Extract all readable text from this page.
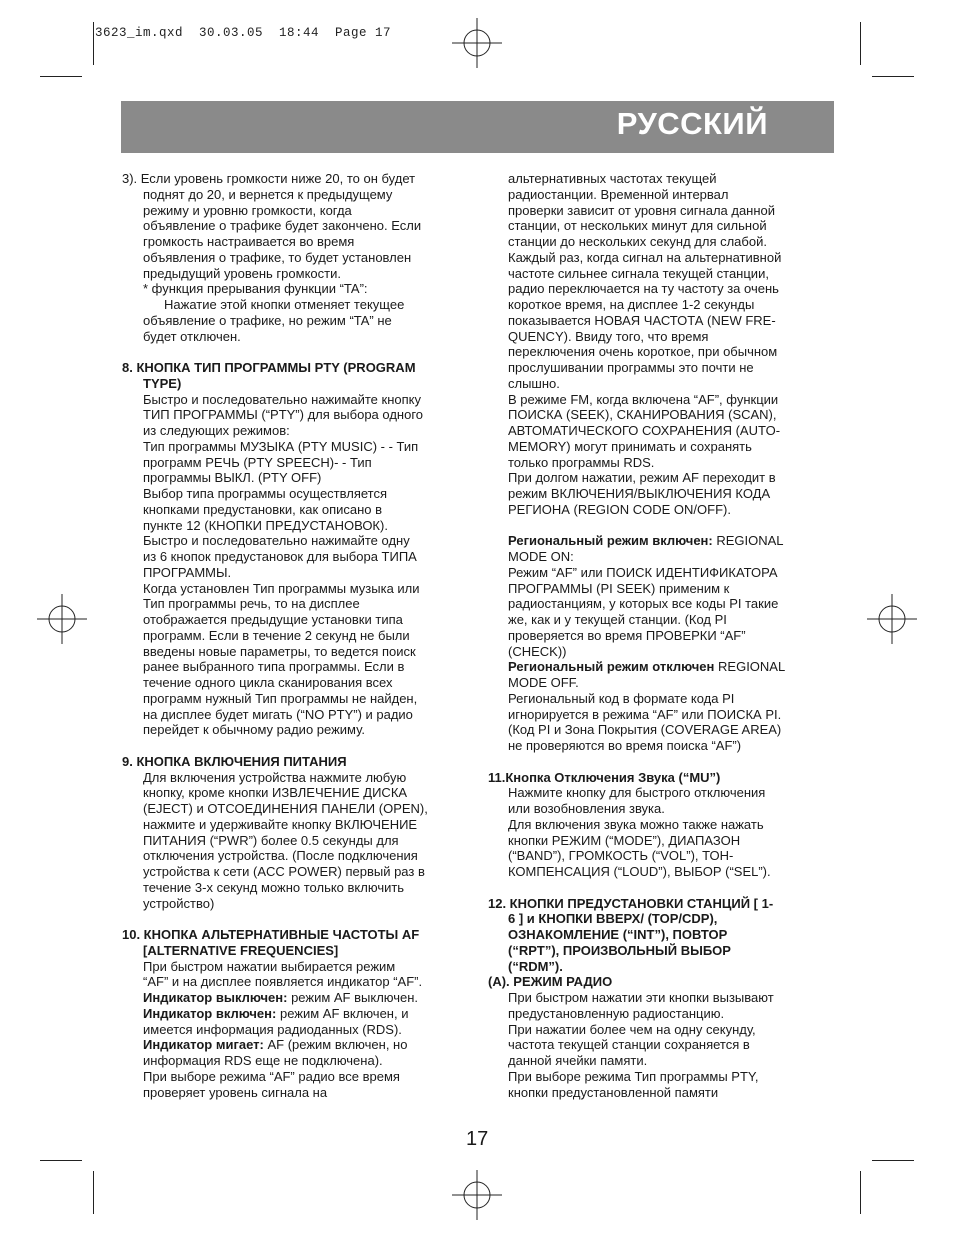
3623_im.qxd  30.03.05  18:44  Page 17
РУССКИЙ
3). Если уровень громкости ниже 20, то он будет
поднят до 20, и вернется к предыдущему
режиму и уровню громкости, когда
объявление о трафике будет закончено. Если
громкость настраивается во время
объявления о трафике, то будет установлен
предыдущий уровень громкости.
* функция прерывания функции “TA”:
Нажатие этой кнопки отменяет текущее
объявление о трафике, но режим “TA” не
будет отключен.
8. КНОПКА ТИП ПРОГРАММЫ PTY (PROGRAM
TYPE)
Быстро и последовательно нажимайте кнопку
ТИП ПРОГРАММЫ (“PTY”) для выбора одного
из следующих режимов:
Тип программы МУЗЫКА (PTY MUSIC) - - Тип
программ РЕЧЬ (PTY SPEECH)- - Тип
программы ВЫКЛ. (PTY OFF)
Выбор типа программы осуществляется
кнопками предустановки, как описано в
пункте 12 (КНОПКИ ПРЕДУСТАНОВОК).
Быстро и последовательно нажимайте одну
из 6 кнопок предустановок для выбора ТИПА
ПРОГРАММЫ.
Когда установлен Тип программы музыка или
Тип программы речь, то на дисплее
отображается предыдущие установки типа
программ. Если в течение 2 секунд не были
введены новые параметры, то ведется поиск
ранее выбранного типа программы. Если в
течение одного цикла сканирования всех
программ нужный Тип программы не найден,
на дисплее будет мигать (“NO PTY”) и радио
перейдет к обычному радио режиму.
9. КНОПКА ВКЛЮЧЕНИЯ ПИТАНИЯ
Для включения устройства нажмите любую
кнопку, кроме кнопки ИЗВЛЕЧЕНИЕ ДИСКА
(EJECT) и ОТСОЕДИНЕНИЯ ПАНЕЛИ (OPEN),
нажмите и удерживайте кнопку ВКЛЮЧЕНИЕ
ПИТАНИЯ (“PWR”) более 0.5 секунды для
отключения устройства. (После подключения
устройства к сети (ACC POWER) первый раз в
течение 3-х секунд можно только включить
устройство)
10. КНОПКА АЛЬТЕРНАТИВНЫЕ ЧАСТОТЫ AF
[ALTERNATIVE FREQUENCIES]
При быстром нажатии выбирается режим
“AF” и на дисплее появляется индикатор “AF”.
Индикатор выключен: режим AF выключен.
Индикатор включен: режим AF включен, и
имеется информация радиоданных (RDS).
Индикатор мигает: AF (режим включен, но
информация RDS еще не подключена).
При выборе режима “AF” радио все время
проверяет уровень сигнала на
альтернативных частотах текущей
радиостанции. Временной интервал
проверки зависит от уровня сигнала данной
станции, от нескольких минут для сильной
станции до нескольких секунд для слабой.
Каждый раз, когда сигнал на альтернативной
частоте сильнее сигнала текущей станции,
радио переключается на ту частоту за очень
короткое время, на дисплее 1-2 секунды
показывается НОВАЯ ЧАСТОТА (NEW FRE-
QUENCY). Ввиду того, что время
переключения очень короткое, при обычном
прослушивании программы это почти не
слышно.
В режиме FM, когда включена “AF”, функции
ПОИСКА (SEEK), СКАНИРОВАНИЯ (SCAN),
АВТОМАТИЧЕСКОГО СОХРАНЕНИЯ (AUTO-
MEMORY) могут принимать и сохранять
только программы RDS.
При долгом нажатии, режим AF переходит в
режим ВКЛЮЧЕНИЯ/ВЫКЛЮЧЕНИЯ КОДА
РЕГИОНА (REGION CODE ON/OFF).
Региональный режим включен: REGIONAL
MODE ON:
Режим “AF” или ПОИСК ИДЕНТИФИКАТОРА
ПРОГРАММЫ (PI SEEK) применим к
радиостанциям, у которых все коды PI такие
же, как и у текущей станции. (Код PI
проверяется во время ПРОВЕРКИ “AF”
(CHECK))
Региональный режим отключен REGIONAL
MODE OFF.
Региональный код в формате кода PI
игнорируется в режима “AF” или ПОИСКА PI.
(Код PI и Зона Покрытия (COVERAGE AREA)
не проверяются во время поиска “AF”)
11.Кнопка Отключения Звука (“MU”)
Нажмите кнопку для быстрого отключения
или возобновления звука.
Для включения звука можно также нажать
кнопки РЕЖИМ (“MODE”), ДИАПАЗОН
(“BAND”), ГРОМКОСТЬ (“VOL”), ТОН-
КОМПЕНСАЦИЯ (“LOUD”), ВЫБОР (“SEL”).
12. КНОПКИ ПРЕДУСТАНОВКИ СТАНЦИЙ [ 1-
6 ] и КНОПКИ ВВЕРХ/ (TOP/CDP),
ОЗНАКОМЛЕНИЕ (“INT”), ПОВТОР
(“RPT”), ПРОИЗВОЛЬНЫЙ ВЫБОР
(“RDM”).
(A). РЕЖИМ РАДИО
При быстром нажатии эти кнопки вызывают
предустановленную радиостанцию.
При нажатии более чем на одну секунду,
частота текущей станции сохраняется в
данной ячейки памяти.
При выборе режима Тип программы PTY,
кнопки предустановленной памяти
17
